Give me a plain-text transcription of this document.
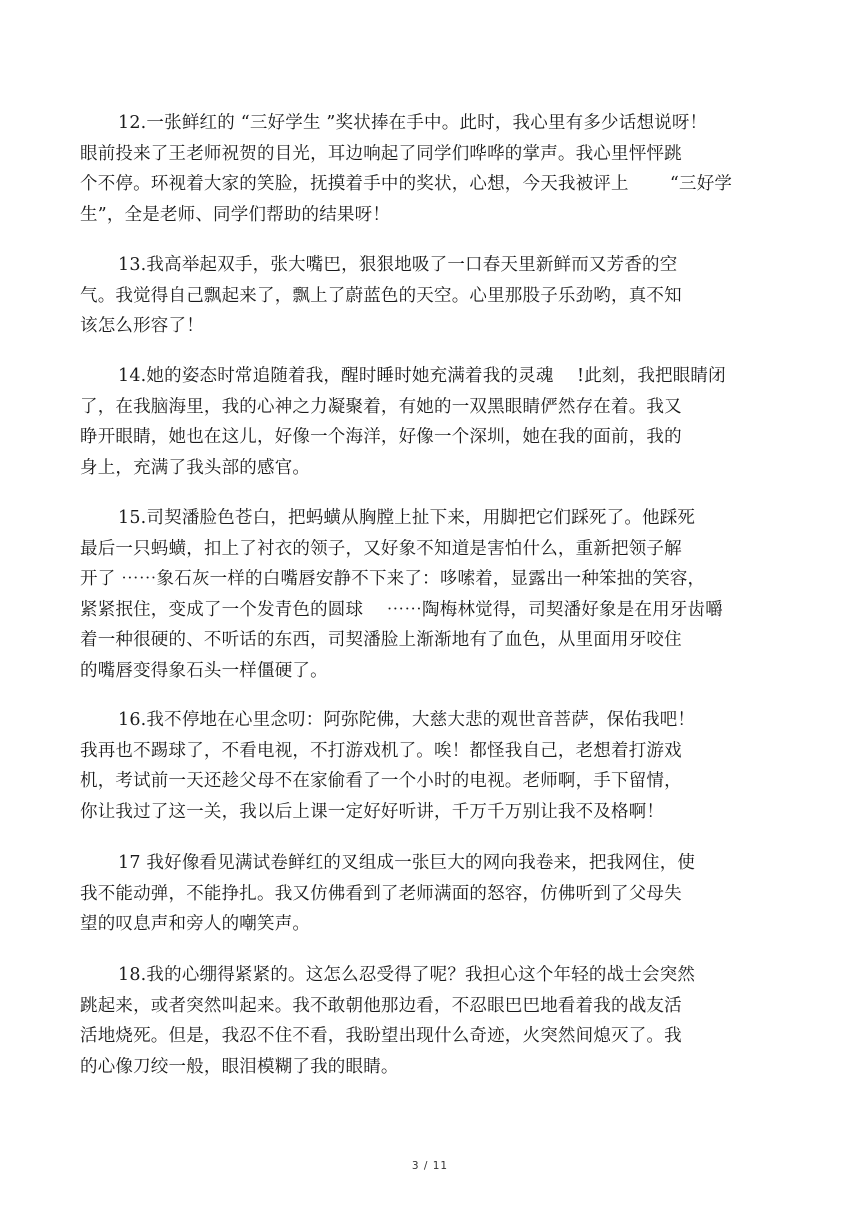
12.一张鲜红的 “三好学生 ”奖状捧在手中。此时，我心里有多少话想说呀！
眼前投来了王老师祝贺的目光，耳边响起了同学们哗哗的掌声。我心里怦怦跳
个不停。环视着大家的笑脸，抚摸着手中的奖状，心想，今天我被评上 　　“三好学
生”，全是老师、同学们帮助的结果呀！
13.我高举起双手，张大嘴巴，狠狠地吸了一口春天里新鲜而又芳香的空
气。我觉得自己飘起来了，飘上了蔚蓝色的天空。心里那股子乐劲哟，真不知
该怎么形容了！
14.她的姿态时常追随着我，醒时睡时她充满着我的灵魂 　!此刻，我把眼睛闭
了，在我脑海里，我的心神之力凝聚着，有她的一双黑眼睛俨然存在着。我又
睁开眼睛，她也在这儿，好像一个海洋，好像一个深圳，她在我的面前，我的
身上，充满了我头部的感官。
15.司契潘脸色苍白，把蚂蟥从胸膛上扯下来，用脚把它们踩死了。他踩死
最后一只蚂蟥，扣上了衬衣的领子，又好象不知道是害怕什么，重新把领子解
开了 ⋯⋯象石灰一样的白嘴唇安静不下来了：哆嗦着，显露出一种笨拙的笑容，
紧紧抿住，变成了一个发青色的圆球 　⋯⋯陶梅林觉得，司契潘好象是在用牙齿嚼
着一种很硬的、不听话的东西，司契潘脸上渐渐地有了血色，从里面用牙咬住
的嘴唇变得象石头一样僵硬了。
16.我不停地在心里念叨：阿弥陀佛，大慈大悲的观世音菩萨，保佑我吧！
我再也不踢球了，不看电视，不打游戏机了。唉！都怪我自己，老想着打游戏
机，考试前一天还趁父母不在家偷看了一个小时的电视。老师啊，手下留情，
你让我过了这一关，我以后上课一定好好听讲，千万千万别让我不及格啊！
17 我好像看见满试卷鲜红的叉组成一张巨大的网向我卷来，把我网住，使
我不能动弹，不能挣扎。我又仿佛看到了老师满面的怒容，仿佛听到了父母失
望的叹息声和旁人的嘲笑声。
18.我的心绷得紧紧的。这怎么忍受得了呢？我担心这个年轻的战士会突然
跳起来，或者突然叫起来。我不敢朝他那边看，不忍眼巴巴地看着我的战友活
活地烧死。但是，我忍不住不看，我盼望出现什么奇迹，火突然间熄灭了。我
的心像刀绞一般，眼泪模糊了我的眼睛。
3 / 11
